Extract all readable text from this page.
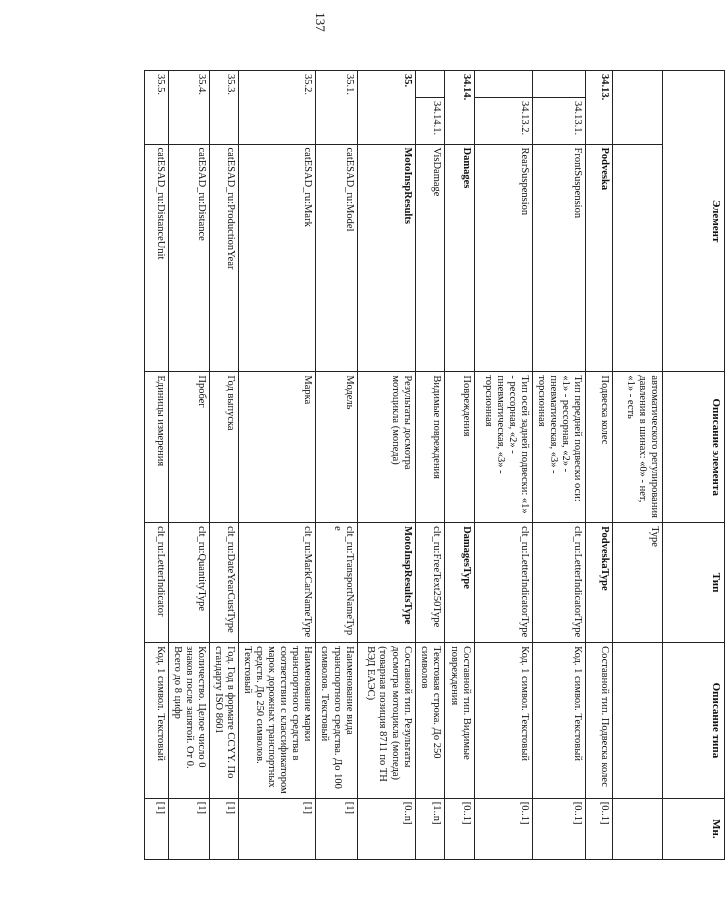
137
Элемент			Описание элемента	Тип	Описание типа	Мн.
			автоматического регулирования давления в шинах: «0» - нет, «1» - есть	Type		
34.13.		Podveska	Подвеска колес	PodveskaType	Составной тип. Подвеска колес	[0..1]
	34.13.1.	FrontSuspension	Тип передней подвески оси: «1» - рессорная, «2» - пневматическая, «3» - торсионная	clt_ru:LetterIndicatorType	Код. 1 символ. Текстовый	[0..1]
	34.13.2.	RearSuspension	Тип осей задней подвески: «1» - рессорная, «2» - пневматическая, «3» - торсионная	clt_ru:LetterIndicatorType	Код. 1 символ. Текстовый	[0..1]
34.14.		Damages	Повреждения	DamagesType	Составной тип. Видимые повреждения	[0..1]
	34.14.1.	VisDamage	Видимые повреждения	clt_ru:FreeText250Type	Текстовая строка. До 250 символов	[1..n]
35.		MotoInspResults	Результаты досмотра мотоцикла (мопеда)	MotoInspResultsType	Составной тип. Результаты досмотра мотоцикла (мопеда) (товарная позиция 8711 по ТН ВЭД ЕАЭС)	[0..n]
35.1.		catESAD_ru:Model	Модель	clt_ru:TransportNameType	Наименование вида транспортного средства. До 100 символов. Текстовый	[1]
35.2.		catESAD_ru:Mark	Марка	clt_ru:MarkCarNameType	Наименование марки транспортного средства в соответствии с классификатором марок дорожных транспортных средств. До 250 символов. Текстовый	[1]
35.3.		catESAD_ru:ProductionYear	Год выпуска	clt_ru:DateYearCustType	Год. Год в формате CCYY. По стандарту ISO 8601	[1]
35.4.		catESAD_ru:Distance	Пробег	clt_ru:QuantityType	Количество. Целое число 0 знаков после запятой. От 0. Всего до 8 цифр	[1]
35.5.		catESAD_ru:DistanceUnit	Единицы измерения	clt_ru:LetterIndicator	Код. 1 символ. Текстовый	[1]
